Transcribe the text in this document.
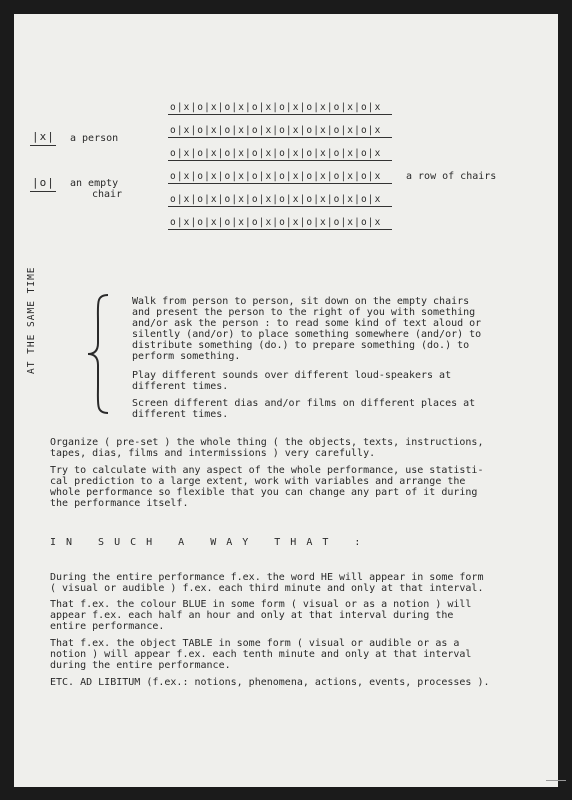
|x| a person
|o| an empty
chair
o|x|o|x|o|x|o|x|o|x|o|x|o|x|o|x
o|x|o|x|o|x|o|x|o|x|o|x|o|x|o|x
o|x|o|x|o|x|o|x|o|x|o|x|o|x|o|x
o|x|o|x|o|x|o|x|o|x|o|x|o|x|o|x
o|x|o|x|o|x|o|x|o|x|o|x|o|x|o|x
o|x|o|x|o|x|o|x|o|x|o|x|o|x|o|x
a row of chairs
AT THE SAME TIME	Walk from person to person, sit down on the empty chairs
and present the person to the right of you with something
and/or ask the person : to read some kind of text aloud or
silently (and/or) to place something somewhere (and/or) to
distribute something (do.) to prepare something (do.) to
perform something.

Play different sounds over different loud-speakers at
different times.

Screen different dias and/or films on different places at
different times.

Organize ( pre-set ) the whole thing ( the objects, texts, instructions,
tapes, dias, films and intermissions ) very carefully.

Try to calculate with any aspect of the whole performance, use statisti-
cal prediction to a large extent, work with variables and arrange the
whole performance so flexible that you can change any part of it during
the performance itself.

IN SUCH A WAY THAT :

During the entire performance f.ex. the word HE will appear in some form
( visual or audible ) f.ex. each third minute and only at that interval.

That f.ex. the colour BLUE in some form ( visual or as a notion ) will
appear f.ex. each half an hour and only at that interval during the
entire performance.

That f.ex. the object TABLE in some form ( visual or audible or as a
notion ) will appear f.ex. each tenth minute and only at that interval
during the entire performance.

ETC. AD LIBITUM (f.ex.: notions, phenomena, actions, events, processes ).
